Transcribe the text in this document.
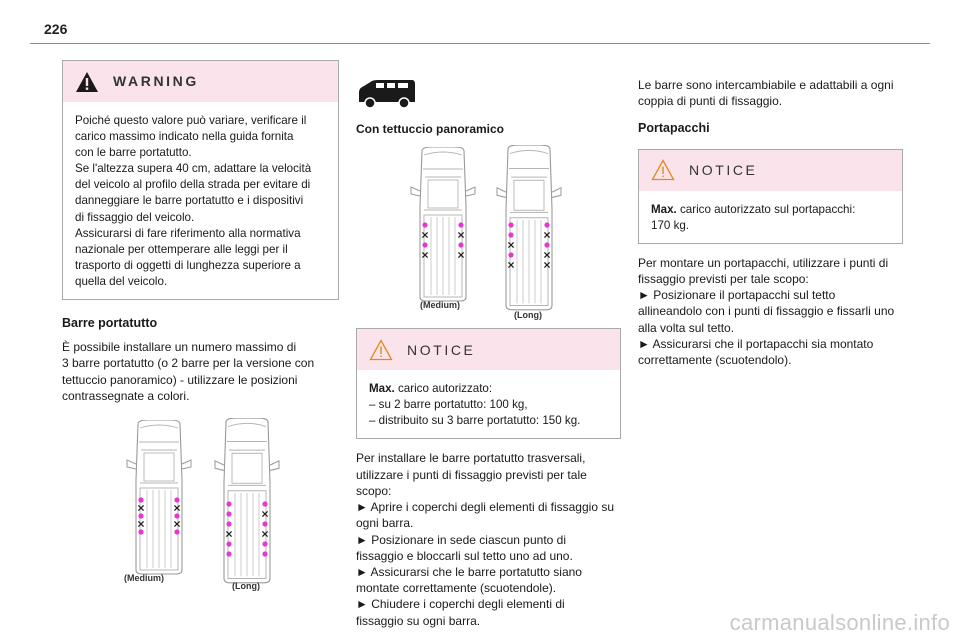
226
WARNING
Poiché questo valore può variare, verificare il
carico massimo indicato nella guida fornita
con le barre portatutto.
Se l'altezza supera 40 cm, adattare la velocità
del veicolo al profilo della strada per evitare di
danneggiare le barre portatutto e i dispositivi
di fissaggio del veicolo.
Assicurarsi di fare riferimento alla normativa
nazionale per ottemperare alle leggi per il
trasporto di oggetti di lunghezza superiore a
quella del veicolo.
Barre portatutto

È possibile installare un numero massimo di
3 barre portatutto (o 2 barre per la versione con
tettuccio panoramico) - utilizzare le posizioni
contrassegnate a colori.

(Medium)
(Long)
Con tettuccio panoramico
(Medium)
(Long)
NOTICE
Max. carico autorizzato:
– su 2 barre portatutto: 100 kg,
– distribuito su 3 barre portatutto: 150 kg.

Per installare le barre portatutto trasversali,
utilizzare i punti di fissaggio previsti per tale
scopo:
► Aprire i coperchi degli elementi di fissaggio su
ogni barra.
► Posizionare in sede ciascun punto di
fissaggio e bloccarli sul tetto uno ad uno.
► Assicurarsi che le barre portatutto siano
montate correttamente (scuotendole).
► Chiudere i coperchi degli elementi di
fissaggio su ogni barra.

Le barre sono intercambiabile e adattabili a ogni
coppia di punti di fissaggio.

Portapacchi
NOTICE
Max. carico autorizzato sul portapacchi:
170 kg.

Per montare un portapacchi, utilizzare i punti di
fissaggio previsti per tale scopo:
► Posizionare il portapacchi sul tetto
allineandolo con i punti di fissaggio e fissarli uno
alla volta sul tetto.
► Assicurarsi che il portapacchi sia montato
correttamente (scuotendolo).

carmanualsonline.info
